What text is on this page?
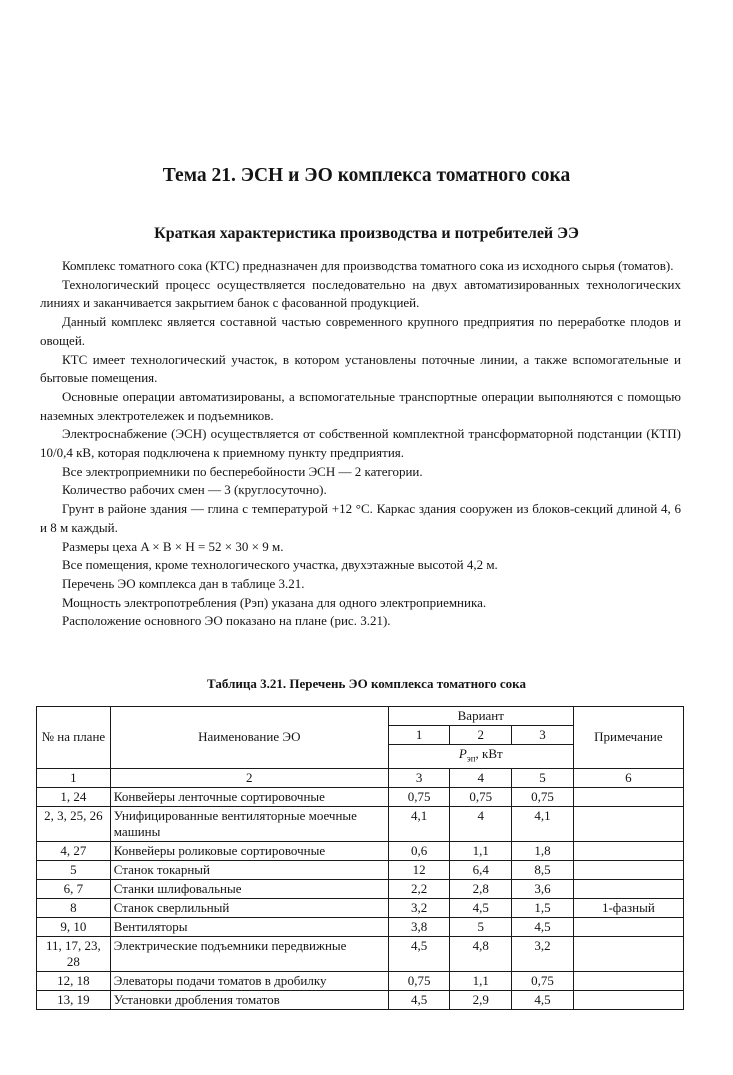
Тема 21. ЭСН и ЭО комплекса томатного сока
Краткая характеристика производства и потребителей ЭЭ

Комплекс томатного сока (КТС) предназначен для производства томатного сока из исходного сырья (томатов).

Технологический процесс осуществляется последовательно на двух автоматизированных технологических линиях и заканчивается закрытием банок с фасованной продукцией.

Данный комплекс является составной частью современного крупного предприятия по переработке плодов и овощей.

КТС имеет технологический участок, в котором установлены поточные линии, а также вспомогательные и бытовые помещения.

Основные операции автоматизированы, а вспомогательные транспортные операции выполняются с помощью наземных электротележек и подъемников.

Электроснабжение (ЭСН) осуществляется от собственной комплектной трансформаторной подстанции (КТП) 10/0,4 кВ, которая подключена к приемному пункту предприятия.

Все электроприемники по бесперебойности ЭСН — 2 категории.

Количество рабочих смен — 3 (круглосуточно).

Грунт в районе здания — глина с температурой +12 °С. Каркас здания сооружен из блоков-секций длиной 4, 6 и 8 м каждый.

Размеры цеха A × B × H = 52 × 30 × 9 м.

Все помещения, кроме технологического участка, двухэтажные высотой 4,2 м.

Перечень ЭО комплекса дан в таблице 3.21.

Мощность электропотребления (Pэп) указана для одного электроприемника.

Расположение основного ЭО показано на плане (рис. 3.21).

Таблица 3.21. Перечень ЭО комплекса томатного сока
№ на плане	Наименование ЭО	Вариант			Примечание
		1	2	3	
		$P_{эп}$, кВт			
1	2	3	4	5	6
1, 24	Конвейеры ленточные сортировочные	0,75	0,75	0,75	
2, 3, 25, 26	Унифицированные вентиляторные моечные машины	4,1	4	4,1	
4, 27	Конвейеры роликовые сортировочные	0,6	1,1	1,8	
5	Станок токарный	12	6,4	8,5	
6, 7	Станки шлифовальные	2,2	2,8	3,6	
8	Станок сверлильный	3,2	4,5	1,5	1-фазный
9, 10	Вентиляторы	3,8	5	4,5	
11, 17, 23, 28	Электрические подъемники передвижные	4,5	4,8	3,2	
12, 18	Элеваторы подачи томатов в дробилку	0,75	1,1	0,75	
13, 19	Установки дробления томатов	4,5	2,9	4,5	
